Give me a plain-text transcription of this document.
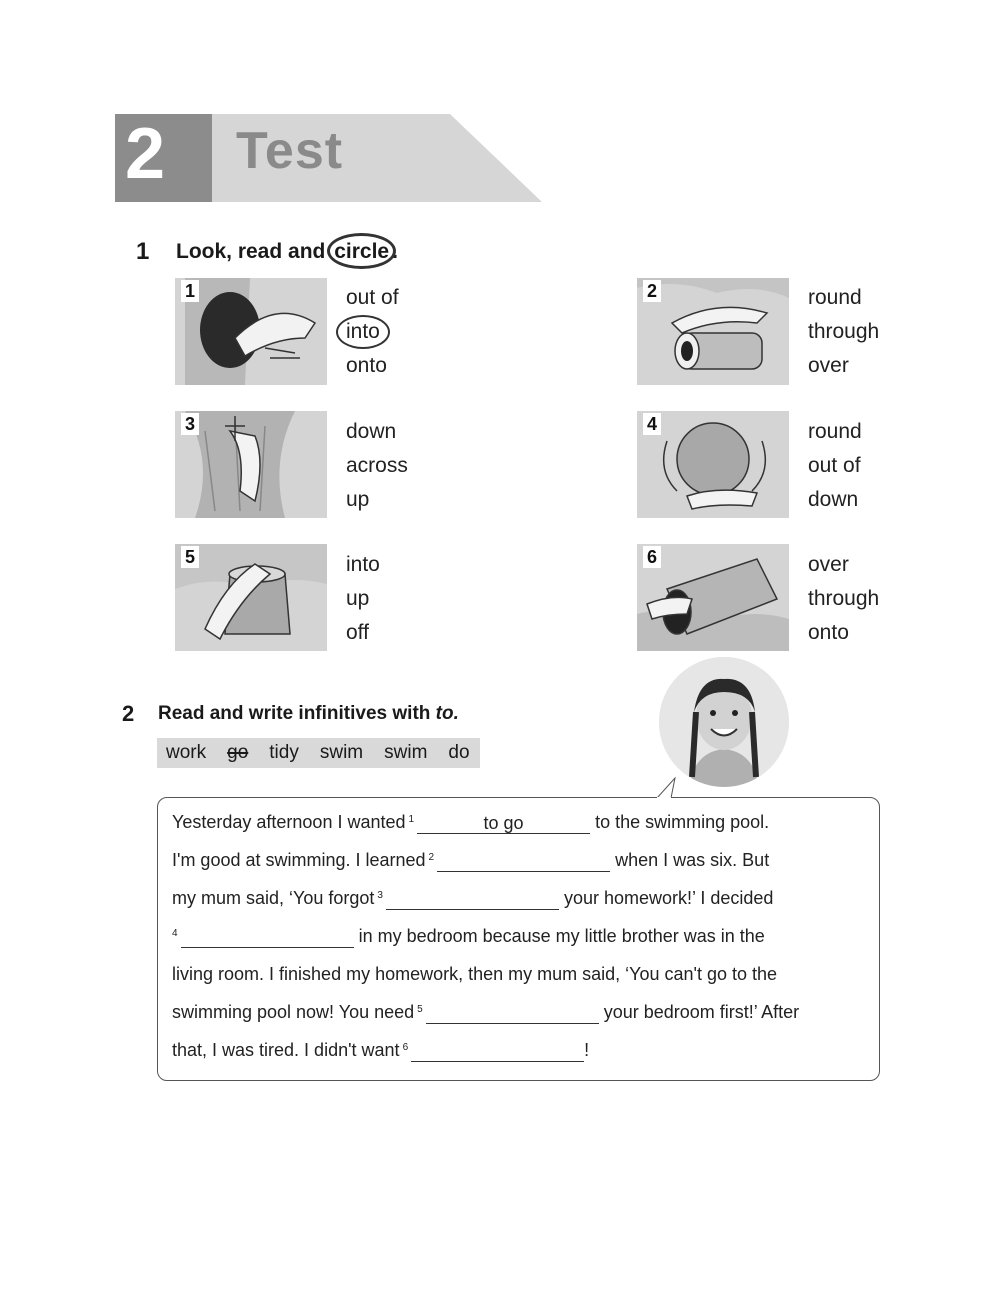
2 Test
1 Look, read and circle .
1	out of
into
onto
2	round
through
over
3	down
across
up
4	round
out of
down
5	into
up
off
6	over
through
onto
2 Read and write infinitives with to.
work go tidy swim swim do
Yesterday afternoon I wanted $^1$	to go	to the swimming pool.
I'm good at swimming. I learned $^2$	when I was six. But
my mum said, ‘You forgot $^3$	your homework!’ I decided
$^4$	in my bedroom because my little brother was in the
living room. I finished my homework, then my mum said, ‘You can't go to the
swimming pool now! You need $^5$	your bedroom first!’ After
that, I was tired. I didn't want $^6$	!
